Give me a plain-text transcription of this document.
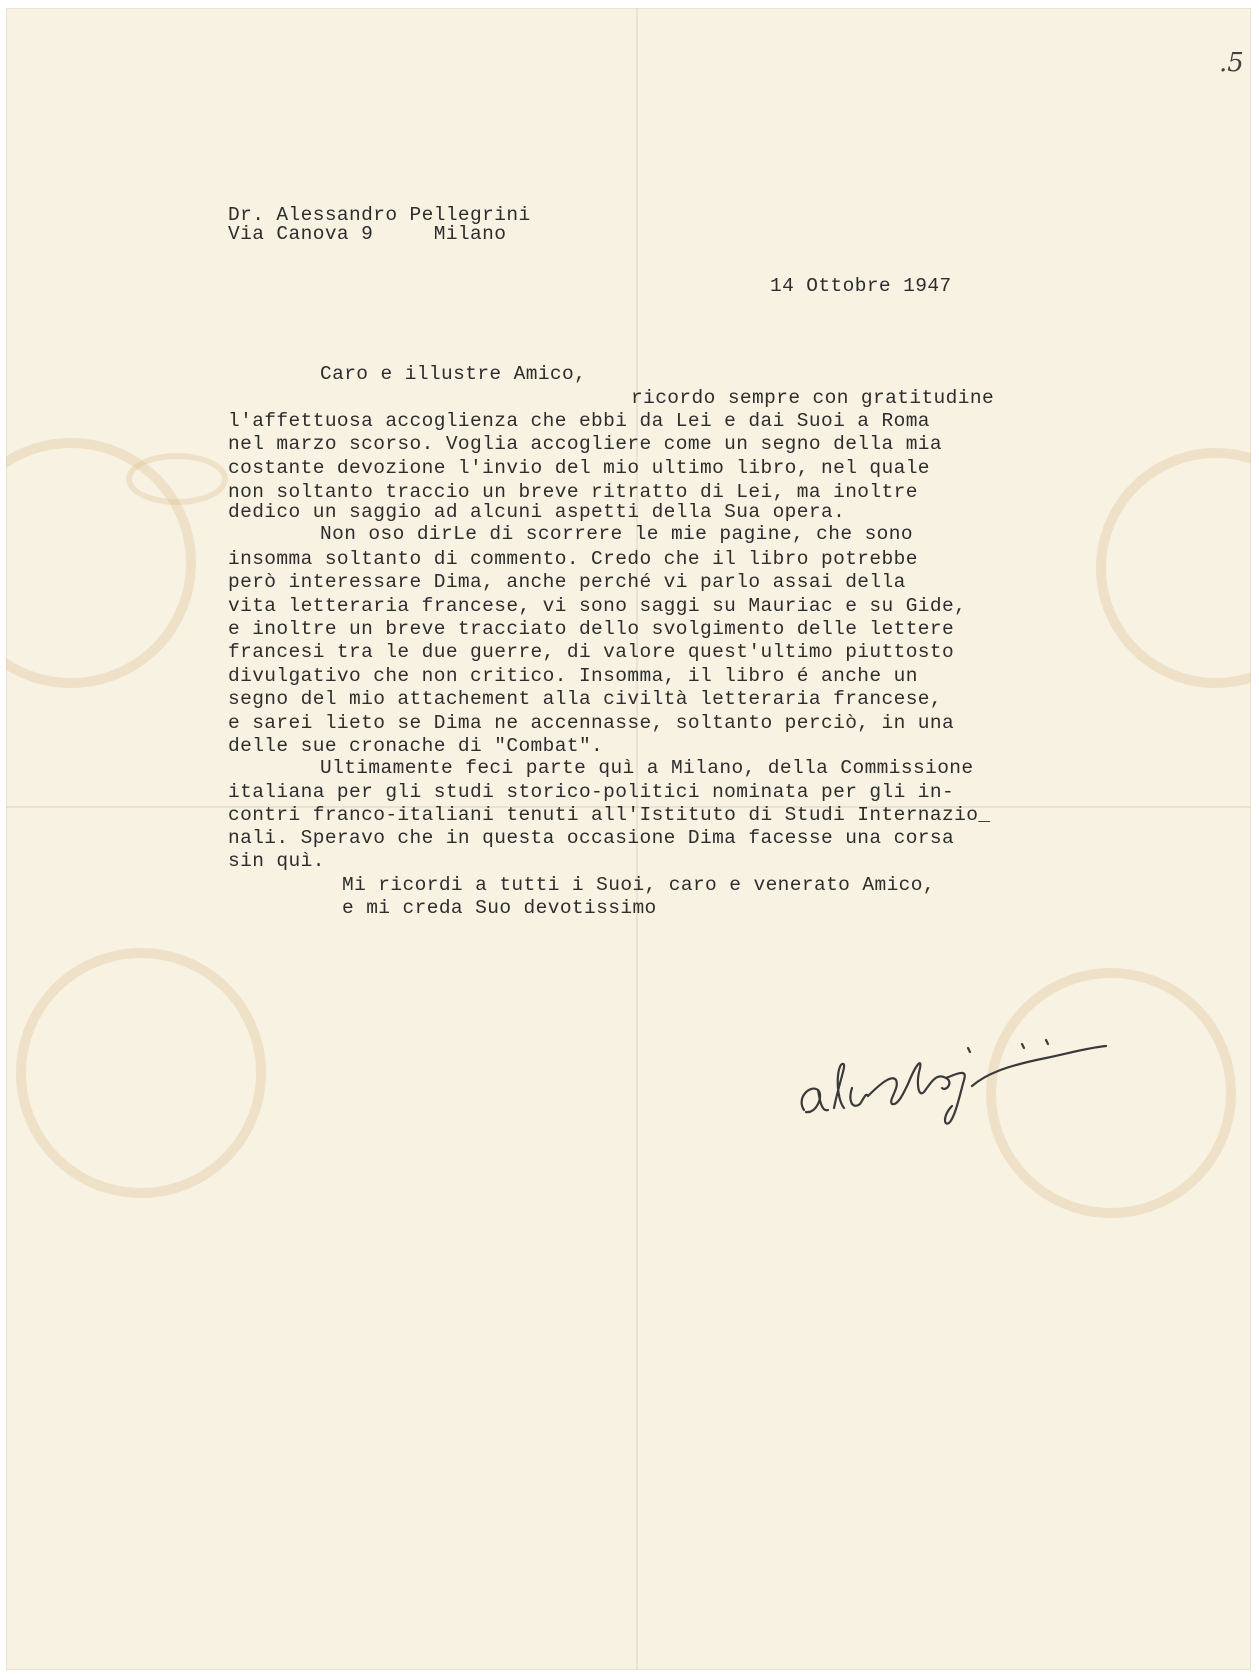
.5

Dr. Alessandro Pellegrini

Via Canova 9     Milano

14 Ottobre 1947
Caro e illustre Amico,

ricordo sempre con gratitudine

l'affettuosa accoglienza che ebbi da Lei e dai Suoi a Roma

nel marzo scorso. Voglia accogliere come un segno della mia

costante devozione l'invio del mio ultimo libro, nel quale

non soltanto traccio un breve ritratto di Lei, ma inoltre

dedico un saggio ad alcuni aspetti della Sua opera.

Non oso dirLe di scorrere le mie pagine, che sono

insomma soltanto di commento. Credo che il libro potrebbe

però interessare Dima, anche perché vi parlo assai della

vita letteraria francese, vi sono saggi su Mauriac e su Gide,

e inoltre un breve tracciato dello svolgimento delle lettere

francesi tra le due guerre, di valore quest'ultimo piuttosto

divulgativo che non critico. Insomma, il libro é anche un

segno del mio attachement alla civiltà letteraria francese,

e sarei lieto se Dima ne accennasse, soltanto perciò, in una

delle sue cronache di "Combat".

Ultimamente feci parte quì a Milano, della Commissione

italiana per gli studi storico-politici nominata per gli in-

contri franco-italiani tenuti all'Istituto di Studi Internazio_

nali. Speravo che in questa occasione Dima facesse una corsa

sin quì.

Mi ricordi a tutti i Suoi, caro e venerato Amico,

e mi creda Suo devotissimo
